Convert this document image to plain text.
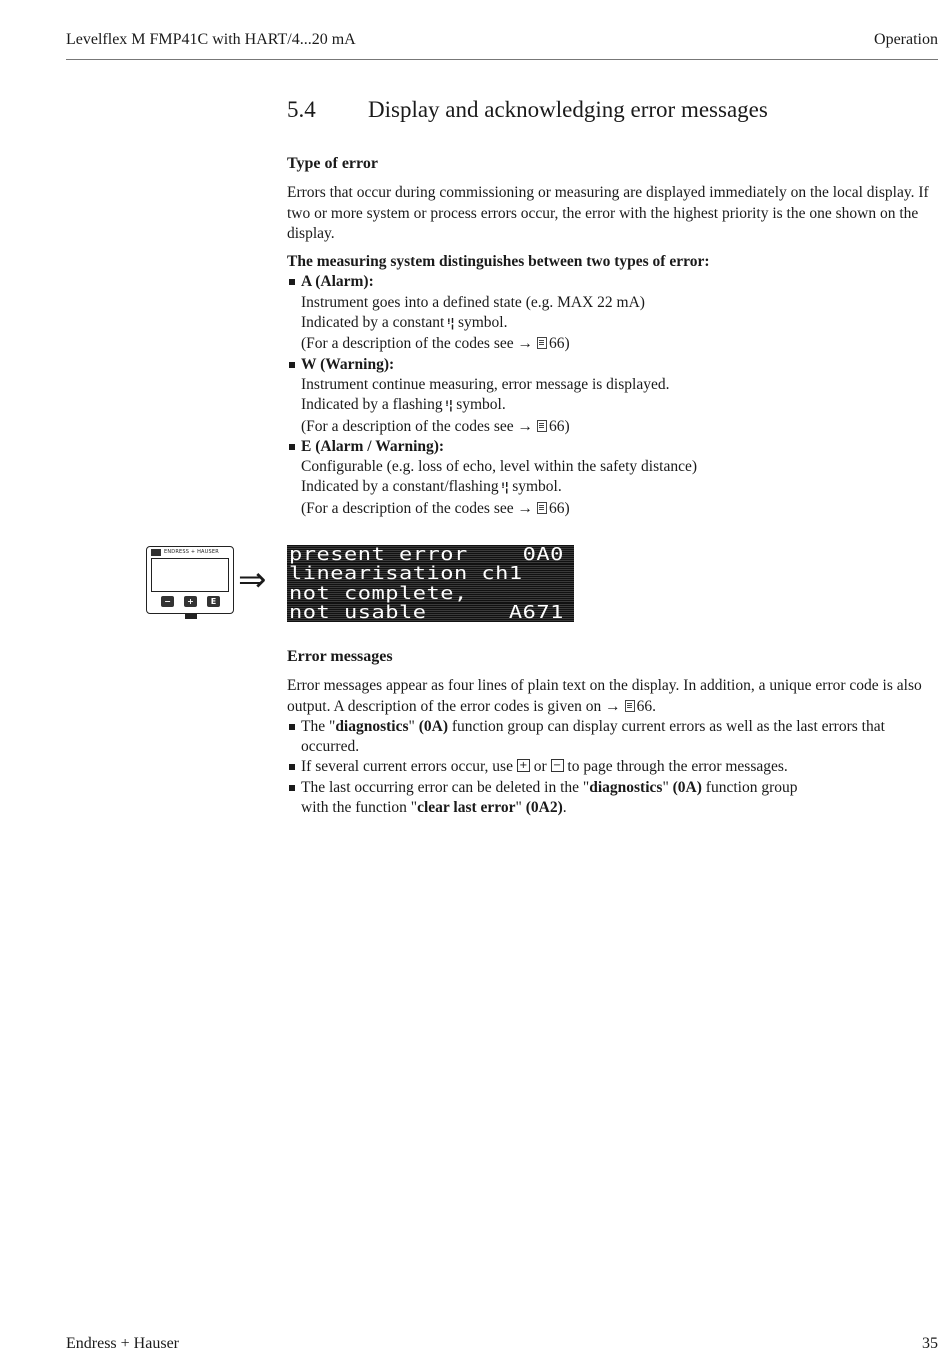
Levelflex M FMP41C with HART/4...20 mA	Operation
5.4 Display and acknowledging error messages
Type of error

Errors that occur during commissioning or measuring are displayed immediately on the local display. If two or more system or process errors occur, the error with the highest priority is the one shown on the display.

The measuring system distinguishes between two types of error:

A (Alarm):
Instrument goes into a defined state (e.g. MAX 22 mA)
Indicated by a constant ᵎ¦ symbol.
(For a description of the codes see → 66)
W (Warning):
Instrument continue measuring, error message is displayed.
Indicated by a flashing ᵎ¦ symbol.
(For a description of the codes see → 66)
E (Alarm / Warning):
Configurable (e.g. loss of echo, level within the safety distance)
Indicated by a constant/flashing ᵎ¦ symbol.
(For a description of the codes see → 66)
ENDRESS + HAUSER
−	+	E
⇒
present error    0A0
linearisation ch1
not complete,
not usable      A671
Error messages

Error messages appear as four lines of plain text on the display. In addition, a unique error code is also output. A description of the error codes is given on → 66.

The "diagnostics" (0A) function group can display current errors as well as the last errors that occurred.
If several current errors occur, use + or − to page through the error messages.
The last occurring error can be deleted in the "diagnostics" (0A) function group
with the function "clear last error" (0A2).
Endress + Hauser	35
